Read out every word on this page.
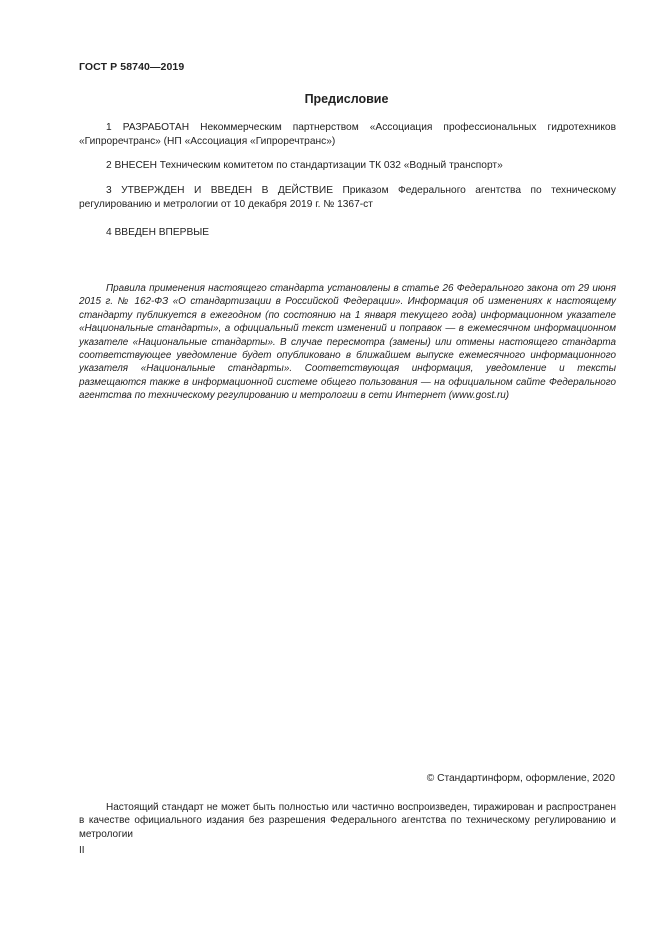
ГОСТ Р 58740—2019
Предисловие
1 РАЗРАБОТАН Некоммерческим партнерством «Ассоциация профессиональных гидротехников «Гипроречтранс» (НП «Ассоциация «Гипроречтранс»)
2 ВНЕСЕН Техническим комитетом по стандартизации ТК 032 «Водный транспорт»
3 УТВЕРЖДЕН И ВВЕДЕН В ДЕЙСТВИЕ Приказом Федерального агентства по техническому регулированию и метрологии от 10 декабря 2019 г. № 1367-ст
4 ВВЕДЕН ВПЕРВЫЕ
Правила применения настоящего стандарта установлены в статье 26 Федерального закона от 29 июня 2015 г. № 162-ФЗ «О стандартизации в Российской Федерации». Информация об изменениях к настоящему стандарту публикуется в ежегодном (по состоянию на 1 января текущего года) информационном указателе «Национальные стандарты», а официальный текст изменений и поправок — в ежемесячном информационном указателе «Национальные стандарты». В случае пересмотра (замены) или отмены настоящего стандарта соответствующее уведомление будет опубликовано в ближайшем выпуске ежемесячного информационного указателя «Национальные стандарты». Соответствующая информация, уведомление и тексты размещаются также в информационной системе общего пользования — на официальном сайте Федерального агентства по техническому регулированию и метрологии в сети Интернет (www.gost.ru)
© Стандартинформ, оформление, 2020
Настоящий стандарт не может быть полностью или частично воспроизведен, тиражирован и распространен в качестве официального издания без разрешения Федерального агентства по техническому регулированию и метрологии
II
